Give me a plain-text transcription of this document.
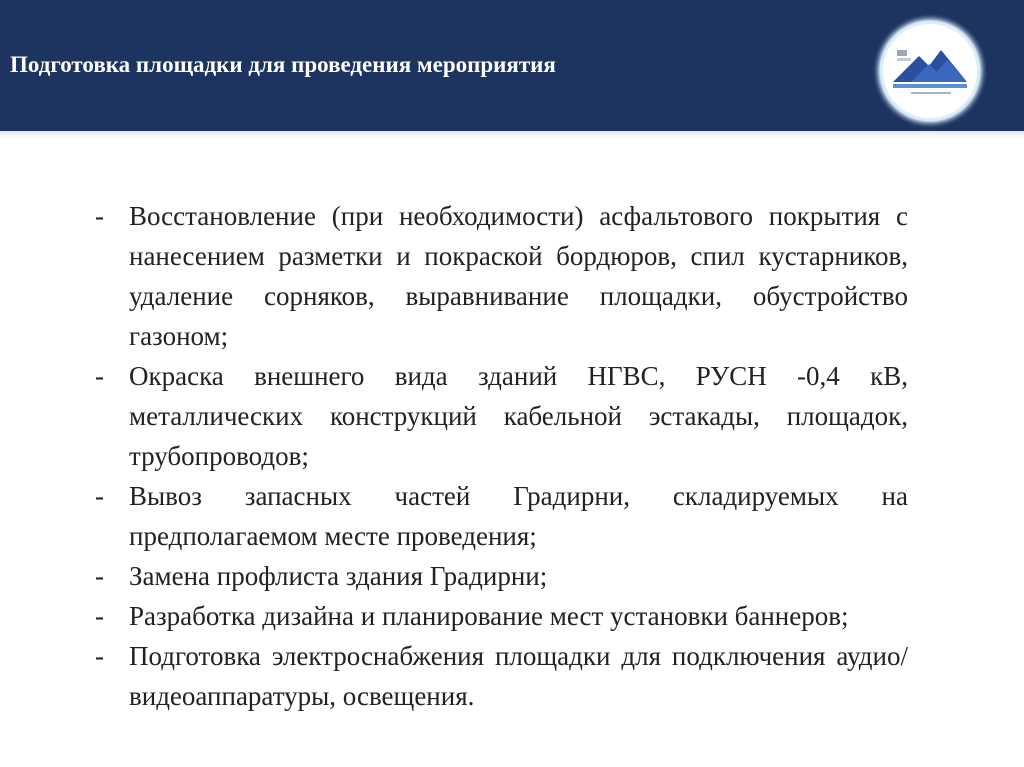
Подготовка площадки для проведения мероприятия
- Восстановление (при необходимости) асфальтового покрытия с нанесением разметки и покраской бордюров, спил кустарников, удаление сорняков, выравнивание площадки, обустройство газоном;
- Окраска внешнего вида зданий НГВС, РУСН -0,4 кВ, металлических конструкций кабельной эстакады, площадок, трубопроводов;
- Вывоз запасных частей Градирни, складируемых на предполагаемом месте проведения;
- Замена профлиста здания Градирни;
- Разработка дизайна и планирование мест установки баннеров;
- Подготовка электроснабжения площадки для подключения аудио/видеоаппаратуры, освещения.
